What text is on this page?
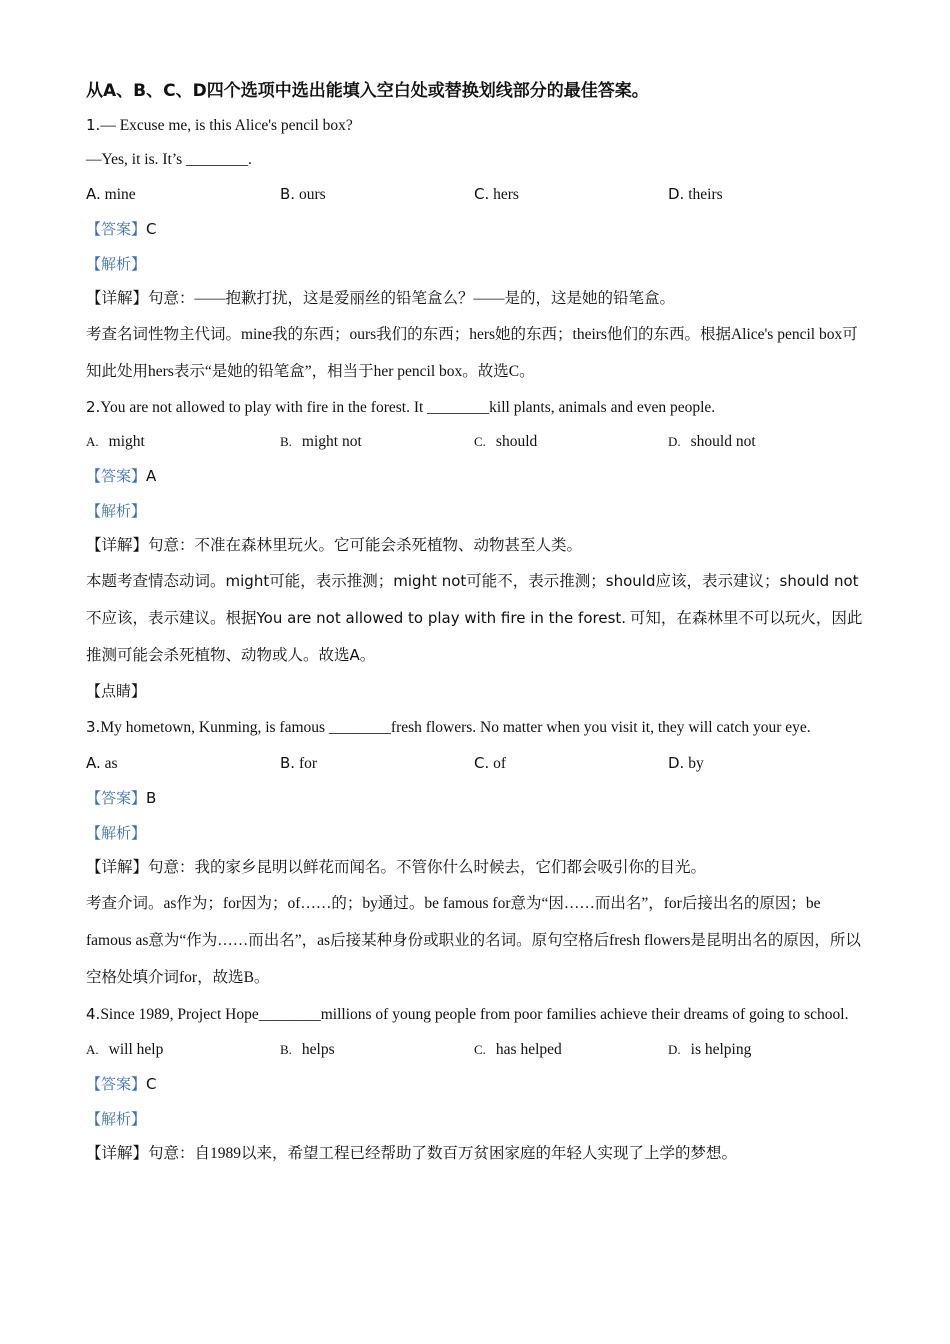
从A、B、C、D四个选项中选出能填入空白处或替换划线部分的最佳答案。
1.— Excuse me, is this Alice's pencil box?
—Yes, it is. It’s ________.
A. mine	B. ours	C. hers	D. theirs
【答案】C
【解析】
【详解】句意：——抱歉打扰，这是爱丽丝的铅笔盒么？——是的，这是她的铅笔盒。
考查名词性物主代词。mine我的东西；ours我们的东西；hers她的东西；theirs他们的东西。根据Alice's pencil box可知此处用hers表示“是她的铅笔盒”，相当于her pencil box。故选C。
2.You are not allowed to play with fire in the forest. It ________kill plants, animals and even people.
A. might	B. might not	C. should	D. should not
【答案】A
【解析】
【详解】句意：不准在森林里玩火。它可能会杀死植物、动物甚至人类。
本题考查情态动词。might可能，表示推测；might not可能不，表示推测；should应该，表示建议；should not不应该，表示建议。根据You are not allowed to play with fire in the forest. 可知，在森林里不可以玩火，因此推测可能会杀死植物、动物或人。故选A。
【点睛】
3.My hometown, Kunming, is famous ________fresh flowers. No matter when you visit it, they will catch your eye.
A. as	B. for	C. of	D. by
【答案】B
【解析】
【详解】句意：我的家乡昆明以鲜花而闻名。不管你什么时候去，它们都会吸引你的目光。
考查介词。as作为；for因为；of……的；by通过。be famous for意为“因……而出名”，for后接出名的原因；be famous as意为“作为……而出名”，as后接某种身份或职业的名词。原句空格后fresh flowers是昆明出名的原因，所以空格处填介词for，故选B。
4.Since 1989, Project Hope________millions of young people from poor families achieve their dreams of going to school.
A. will help	B. helps	C. has helped	D. is helping
【答案】C
【解析】
【详解】句意：自1989以来，希望工程已经帮助了数百万贫困家庭的年轻人实现了上学的梦想。
